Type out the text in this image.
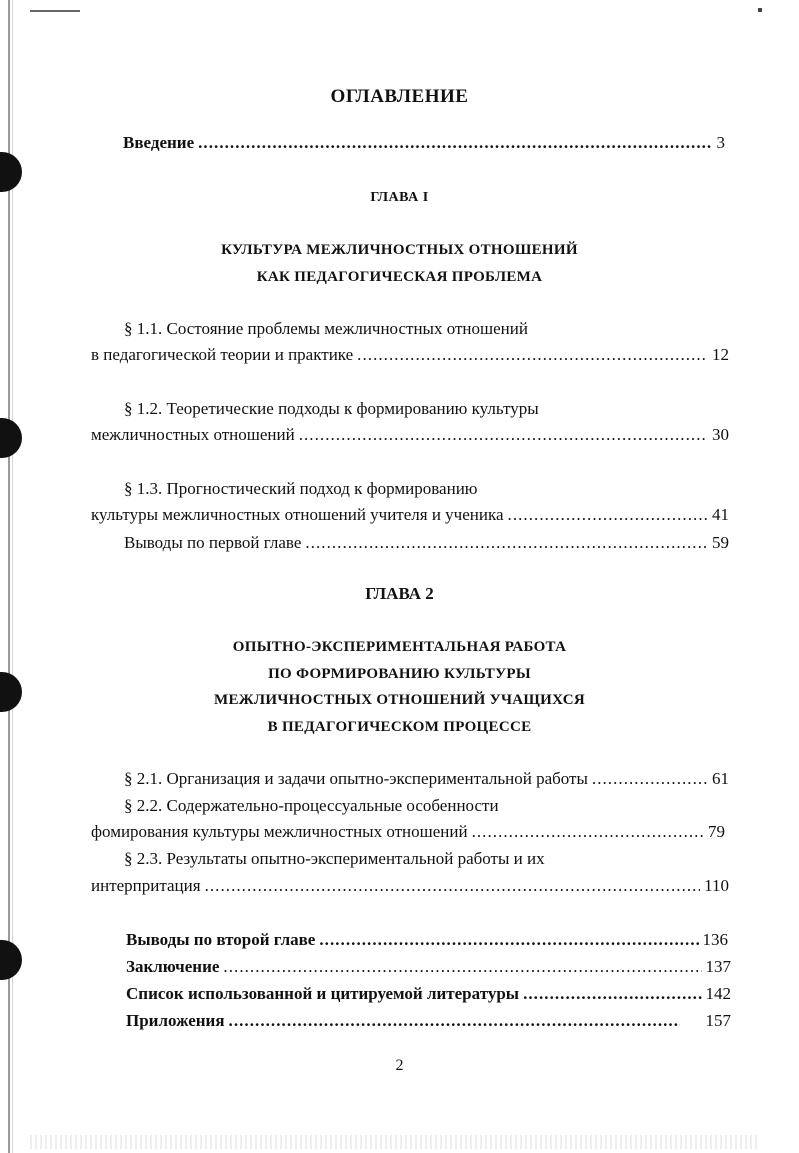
ОГЛАВЛЕНИЕ
Введение . . .	3
ГЛАВА I
КУЛЬТУРА МЕЖЛИЧНОСТНЫХ ОТНОШЕНИЙ
КАК ПЕДАГОГИЧЕСКАЯ ПРОБЛЕМА
§ 1.1. Состояние проблемы межличностных отношений
в педагогической теории и практике . . .	12
§ 1.2. Теоретические подходы к формированию культуры
межличностных отношений . . .	30
§ 1.3. Прогностический подход к формированию
культуры межличностных отношений учителя и ученика . . .	41
Выводы по первой главе . . .	59
ГЛАВА 2
ОПЫТНО-ЭКСПЕРИМЕНТАЛЬНАЯ РАБОТА
ПО ФОРМИРОВАНИЮ КУЛЬТУРЫ
МЕЖЛИЧНОСТНЫХ ОТНОШЕНИЙ УЧАЩИХСЯ
В ПЕДАГОГИЧЕСКОМ ПРОЦЕССЕ
§ 2.1. Организация и задачи опытно-экспериментальной работы . . .	61
§ 2.2. Содержательно-процессуальные особенности
фомирования культуры межличностных отношений . . .	79
§ 2.3. Результаты опытно-экспериментальной работы и их
интерпритация . . .	110
Выводы по второй главе . . .	136
Заключение . . .	137
Список использованной и цитируемой литературы . . .	142
Приложения . . .	157
2
